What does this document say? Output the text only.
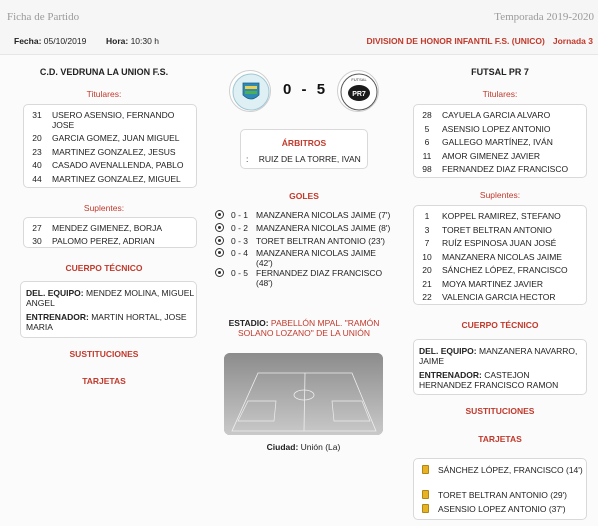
Ficha de Partido	Temporada 2019-2020
Fecha: 05/10/2019 Hora: 10:30 h	DIVISION DE HONOR INFANTIL F.S. (UNICO) Jornada 3
C.D. VEDRUNA LA UNION F.S.
Titulares:
31	USERO ASENSIO, FERNANDO JOSE
20	GARCIA GOMEZ, JUAN MIGUEL
23	MARTINEZ GONZALEZ, JESUS
40	CASADO AVENALLENDA, PABLO
44	MARTINEZ GONZALEZ, MIGUEL
Suplentes:
27	MENDEZ GIMENEZ, BORJA
30	PALOMO PEREZ, ADRIAN
CUERPO TÉCNICO
DEL. EQUIPO: MENDEZ MOLINA, MIGUEL ANGEL
ENTRENADOR: MARTIN HORTAL, JOSE MARIA
SUSTITUCIONES
TARJETAS
0 - 5	PR7
FUTSAL
ÁRBITROS
: RUIZ DE LA TORRE, IVAN
GOLES
0 - 1 MANZANERA NICOLAS JAIME (7')
0 - 2 MANZANERA NICOLAS JAIME (8')
0 - 3 TORET BELTRAN ANTONIO (23')
0 - 4 MANZANERA NICOLAS JAIME (42')
0 - 5 FERNANDEZ DIAZ FRANCISCO (48')
ESTADIO: PABELLÓN MPAL. "RAMÓN SOLANO LOZANO" DE LA UNIÓN
Ciudad: Unión (La)
FUTSAL PR 7
Titulares:
28	CAYUELA GARCIA ALVARO
5	ASENSIO LOPEZ ANTONIO
6	GALLEGO MARTÍNEZ, IVÁN
11	AMOR GIMENEZ JAVIER
98	FERNANDEZ DIAZ FRANCISCO
Suplentes:
1	KOPPEL RAMIREZ, STEFANO
3	TORET BELTRAN ANTONIO
7	RUÍZ ESPINOSA JUAN JOSÉ
10	MANZANERA NICOLAS JAIME
20	SÁNCHEZ LÓPEZ, FRANCISCO
21	MOYA MARTINEZ JAVIER
22	VALENCIA GARCIA HECTOR
CUERPO TÉCNICO
DEL. EQUIPO: MANZANERA NAVARRO, JAIME
ENTRENADOR: CASTEJON HERNANDEZ FRANCISCO RAMON
SUSTITUCIONES
TARJETAS
SÁNCHEZ LÓPEZ, FRANCISCO (14')
TORET BELTRAN ANTONIO (29')
ASENSIO LOPEZ ANTONIO (37')
